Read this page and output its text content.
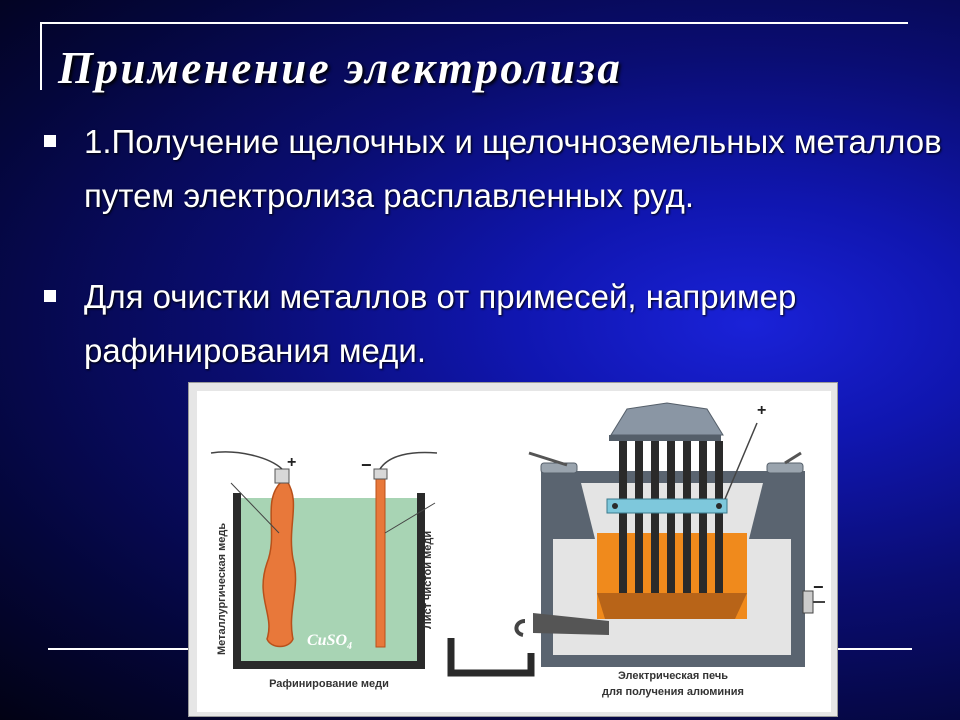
Применение электролиза
1.Получение щелочных и щелочноземельных металлов путем электролиза расплавленных руд.
Для очистки металлов от примесей, например рафинирования меди.
+	−
Металлургическая медь	Лист чистой меди
CuSO$_4$
Рафинирование меди
+
−
Электрическая печь
для получения алюминия
